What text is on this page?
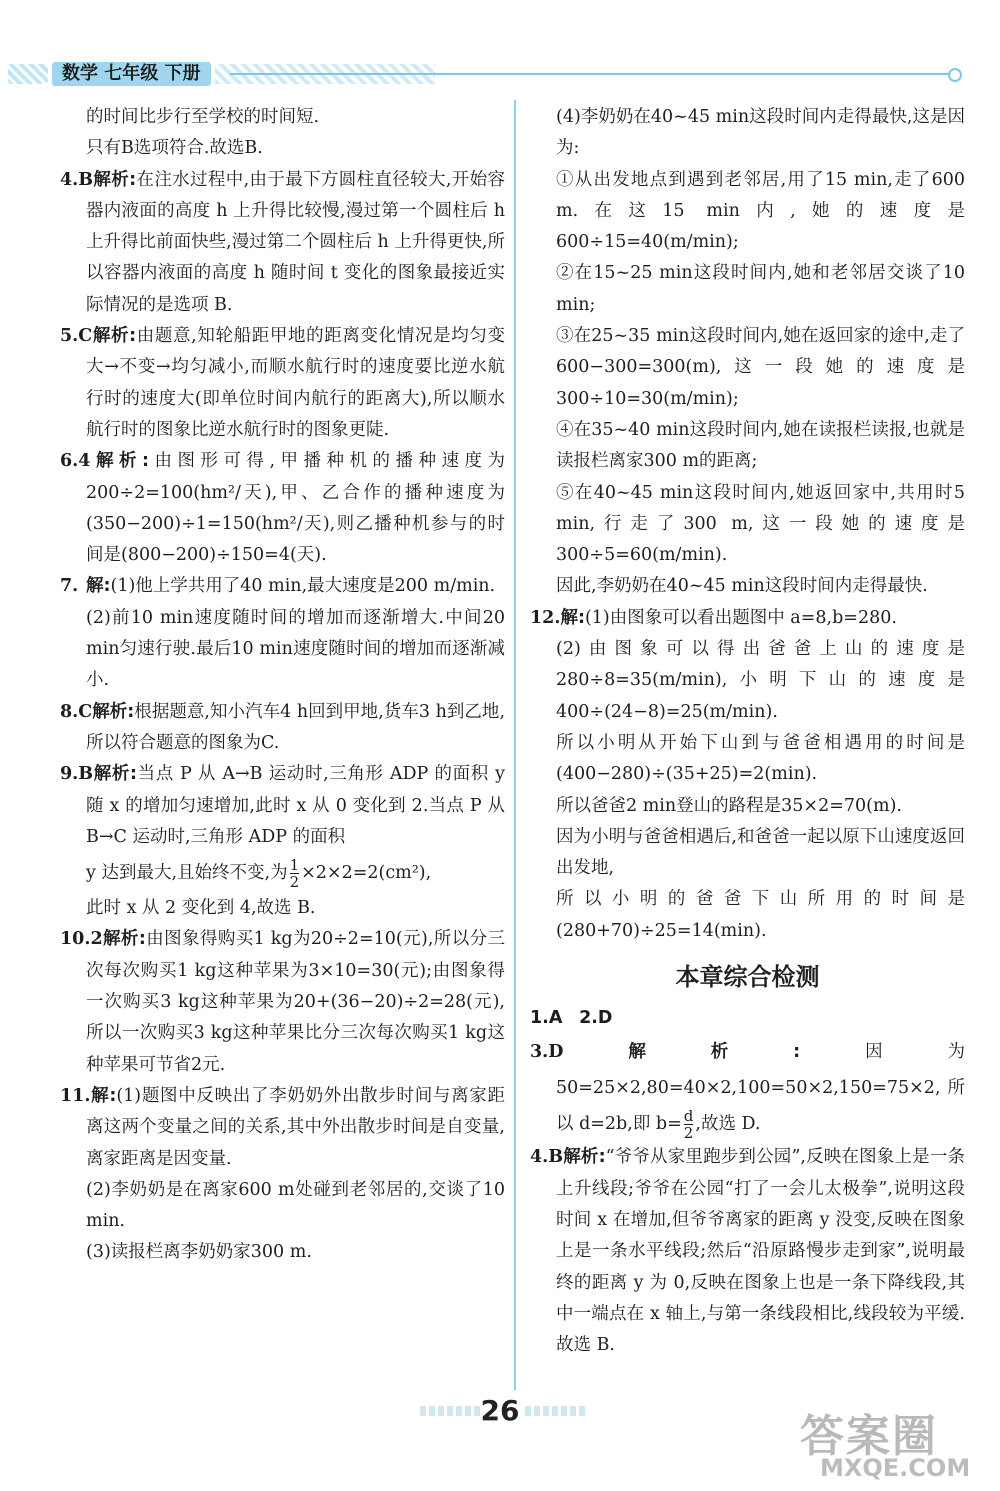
数学 七年级 下册

的时间比步行至学校的时间短.

只有B选项符合.故选B.

4.B解析:在注水过程中,由于最下方圆柱直径较大,开始容器内液面的高度 h 上升得比较慢,漫过第一个圆柱后 h 上升得比前面快些,漫过第二个圆柱后 h 上升得更快,所以容器内液面的高度 h 随时间 t 变化的图象最接近实际情况的是选项 B.

5.C解析:由题意,知轮船距甲地的距离变化情况是均匀变大→不变→均匀减小,而顺水航行时的速度要比逆水航行时的速度大(即单位时间内航行的距离大),所以顺水航行时的图象比逆水航行时的图象更陡.

6.4解析:由图形可得,甲播种机的播种速度为200÷2=100(hm²/天),甲、乙合作的播种速度为(350−200)÷1=150(hm²/天),则乙播种机参与的时间是(800−200)÷150=4(天).

7. 解:(1)他上学共用了40 min,最大速度是200 m/min.

(2)前10 min速度随时间的增加而逐渐增大.中间20 min匀速行驶.最后10 min速度随时间的增加而逐渐减小.

8.C解析:根据题意,知小汽车4 h回到甲地,货车3 h到乙地,所以符合题意的图象为C.

9.B解析:当点 P 从 A→B 运动时,三角形 ADP 的面积 y 随 x 的增加匀速增加,此时 x 从 0 变化到 2.当点 P 从 B→C 运动时,三角形 ADP 的面积

y 达到最大,且始终不变,为 $\frac{1}{2} \times 2\times 2=2(cm^2)$,

此时 x 从 2 变化到 4,故选 B.

10.2解析:由图象得购买1 kg为20÷2=10(元),所以分三次每次购买1 kg这种苹果为3×10=30(元);由图象得一次购买3 kg这种苹果为20+(36−20)÷2=28(元),所以一次购买3 kg这种苹果比分三次每次购买1 kg这种苹果可节省2元.

11.解:(1)题图中反映出了李奶奶外出散步时间与离家距离这两个变量之间的关系,其中外出散步时间是自变量,离家距离是因变量.

(2)李奶奶是在离家600 m处碰到老邻居的,交谈了10 min.

(3)读报栏离李奶奶家300 m.

(4)李奶奶在40~45 min这段时间内走得最快,这是因为:

①从出发地点到遇到老邻居,用了15 min,走了600 m.在这15 min内,她的速度是600÷15=40(m/min);

②在15~25 min这段时间内,她和老邻居交谈了10 min;

③在25~35 min这段时间内,她在返回家的途中,走了600−300=300(m),这一段她的速度是300÷10=30(m/min);

④在35~40 min这段时间内,她在读报栏读报,也就是读报栏离家300 m的距离;

⑤在40~45 min这段时间内,她返回家中,共用时5 min,行走了300 m,这一段她的速度是300÷5=60(m/min).

因此,李奶奶在40~45 min这段时间内走得最快.

12.解:(1)由图象可以看出题图中 a=8,b=280.

(2)由图象可以得出爸爸上山的速度是280÷8=35(m/min),小明下山的速度是400÷(24−8)=25(m/min).

所以小明从开始下山到与爸爸相遇用的时间是(400−280)÷(35+25)=2(min).

所以爸爸2 min登山的路程是35×2=70(m).

因为小明与爸爸相遇后,和爸爸一起以原下山速度返回出发地,

所以小明的爸爸下山所用的时间是(280+70)÷25=14(min).

本章综合检测

1.A 2.D

3.D解析:因为50=25×2,80=40×2,100=50×2,150=75×2,所以 d=2b,即 $b= \frac{d}{2}$ ,故选 D.

4.B解析:“爷爷从家里跑步到公园”,反映在图象上是一条上升线段;爷爷在公园“打了一会儿太极拳”,说明这段时间 x 在增加,但爷爷离家的距离 y 没变,反映在图象上是一条水平线段;然后“沿原路慢步走到家”,说明最终的距离 y 为 0,反映在图象上也是一条下降线段,其中一端点在 x 轴上,与第一条线段相比,线段较为平缓.故选 B.

26
答案圈
MXQE.COM
